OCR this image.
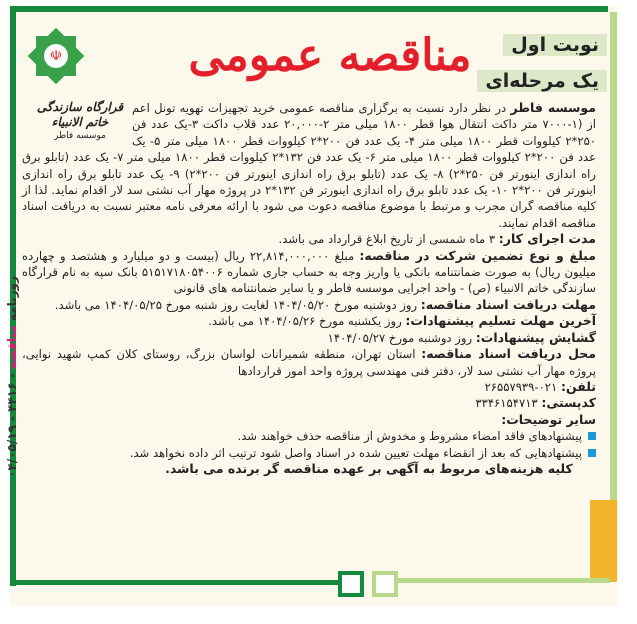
روزنامه مناقصه - ۴۴۱۶ - ۰۴/۰۵/۱۹
نوبت اول
یک مرحله‌ای
مناقصه عمومی
☫
قرارگاه سازندگی خاتم الانبیاء
موسسه فاطر
موسسه فاطر در نظر دارد نسبت به برگزاری مناقصه عمومی خرید تجهیزات تهویه تونل اعم از (۱-۷۰۰۰ متر داکت انتقال هوا قطر ۱۸۰۰ میلی متر ۲-۲۰,۰۰۰ عدد قلاب داکت ۳-یک عدد فن ۲۵۰*۲ کیلووات قطر ۱۸۰۰ میلی متر ۴- یک عدد فن ۲۰۰*۲ کیلووات قطر ۱۸۰۰ میلی متر ۵- یک عدد فن ۲۰۰*۲ کیلووات قطر ۱۸۰۰ میلی متر ۶- یک عدد فن ۱۳۲*۲ کیلووات قطر ۱۸۰۰ میلی متر ۷- یک عدد (تابلو برق راه اندازی اینورتر فن ۲۵۰*۲) ۸- یک عدد (تابلو برق راه اندازی اینورتر فن ۲۰۰*۲) ۹- یک عدد تابلو برق راه اندازی اینورتر فن ۲۰۰*۲ ۱۰- یک عدد تابلو برق راه اندازی اینورتر فن ۱۳۲*۲ در پروژه مهار آب نشتی سد لار اقدام نماید. لذا از کلیه مناقصه گران مجرب و مرتبط با موضوع مناقصه دعوت می شود با ارائه معرفی نامه معتبر نسبت به دریافت اسناد مناقصه اقدام نمایند.
مدت اجرای کار: ۳ ماه شمسی از تاریخ ابلاغ قرارداد می باشد.
مبلغ و نوع تضمین شرکت در مناقصه: مبلغ ۲۲,۸۱۴,۰۰۰,۰۰۰ ریال (بیست و دو میلیارد و هشتصد و چهارده میلیون ریال) به صورت ضمانتنامه بانکی یا واریز وجه به حساب جاری شماره ۵۱۵۱۷۱۸۰۵۴۰۰۶ بانک سپه به نام قرارگاه سازندگی خاتم الانبیاء (ص) - واحد اجرایی موسسه فاطر و یا سایر ضمانتنامه های قانونی
مهلت دریافت اسناد مناقصه: روز دوشنبه مورخ ۱۴۰۴/۰۵/۲۰ لغایت روز شنبه مورخ ۱۴۰۴/۰۵/۲۵ می باشد.
آخرین مهلت تسلیم پیشنهادات: روز یکشنبه مورخ ۱۴۰۴/۰۵/۲۶ می باشد.
گشایش پیشنهادات: روز دوشنبه مورخ ۱۴۰۴/۰۵/۲۷
محل دریافت اسناد مناقصه: استان تهران، منطقه شمیرانات لواسان بزرگ، روستای کلان کمپ شهید نوایی، پروژه مهار آب نشتی سد لار، دفتر فنی مهندسی پروژه واحد امور قراردادها
تلفن: ۰۲۱-۲۶۵۵۷۹۳۹
کدپستی: ۳۳۴۶۱۵۴۷۱۳
سایر توضیحات:
پیشنهادهای فاقد امضاء مشروط و مخدوش از مناقصه حذف خواهند شد.
پیشنهادهایی که بعد از انقضاء مهلت تعیین شده در اسناد واصل شود ترتیب اثر داده نخواهد شد.
کلیه هزینه‌های مربوط به آگهی بر عهده مناقصه گر برنده می باشد.
